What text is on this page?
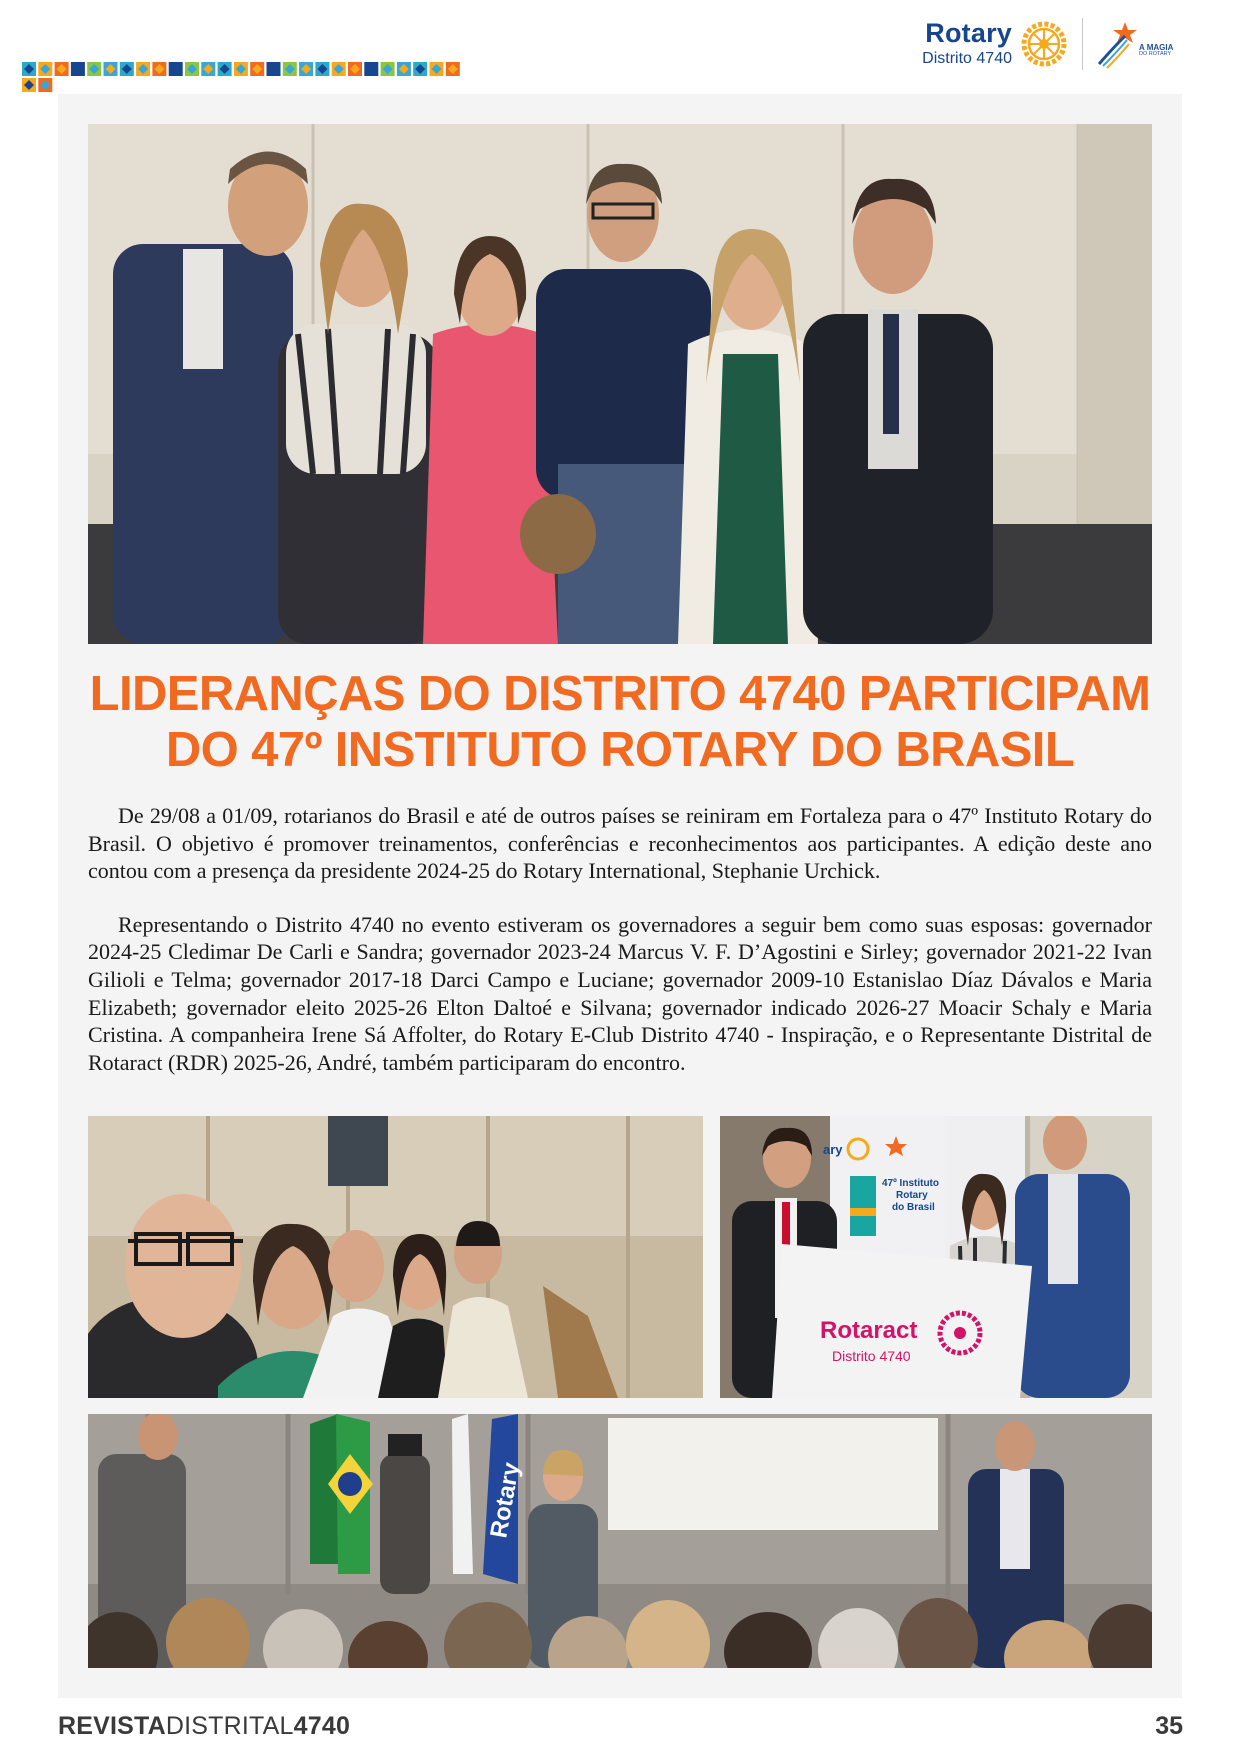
Rotary
Distrito 4740
A MAGIA
DO ROTARY
LIDERANÇAS DO DISTRITO 4740 PARTICIPAM
DO 47º INSTITUTO ROTARY DO BRASIL

De 29/08 a 01/09, rotarianos do Brasil e até de outros países se reiniram em Fortaleza para o 47º Instituto Rotary do Brasil. O objetivo é promover treinamentos, conferências e reconhecimentos aos participantes. A edição deste ano contou com a presença da presidente 2024-25 do Rotary International, Stephanie Urchick.

Representando o Distrito 4740 no evento estiveram os governadores a seguir bem como suas esposas: governador 2024-25 Cledimar De Carli e Sandra; governador 2023-24 Marcus V. F. D’Agostini e Sirley; governador 2021-22 Ivan Gilioli e Telma; governador 2017-18 Darci Campo e Luciane; governador 2009-10 Estanislao Díaz Dávalos e Maria Elizabeth; governador eleito 2025-26 Elton Daltoé e Silvana; governador indicado 2026-27 Moacir Schaly e Maria Cristina. A companheira Irene Sá Affolter, do Rotary E-Club Distrito 4740 - Inspiração, e o Representante Distrital de Rotaract (RDR) 2025-26, André, também participaram do encontro.

ary
47º Instituto
Rotary
do Brasil
Rotaract
Distrito 4740
Rotary
REVISTADISTRITAL4740	35
